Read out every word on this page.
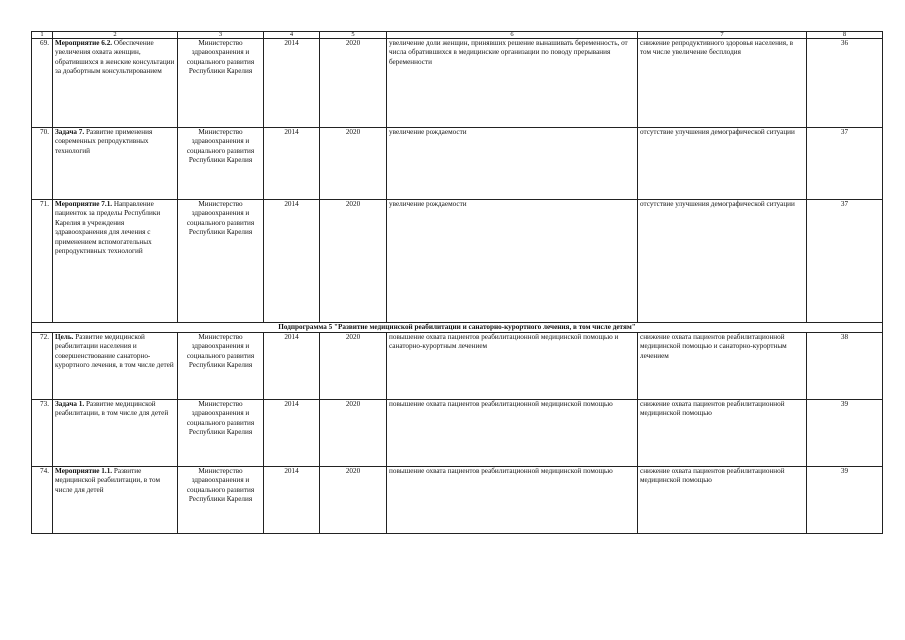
1	2	3	4	5	6	7	8
69.	Мероприятие 6.2. Обеспечение увеличения охвата женщин, обратившихся в женские консультации за доабортным консультированием	Министерство здравоохранения и социального развития Республики Карелия	2014	2020	увеличение доли женщин, принявших решение вынашивать беременность, от числа обратившихся в медицинские организации по поводу прерывания беременности	снижение репродуктивного здоровья населения, в том числе увеличение бесплодия	36
70.	Задача 7. Развитие применения современных репродуктивных технологий	Министерство здравоохранения и социального развития Республики Карелия	2014	2020	увеличение рождаемости	отсутствие улучшения демографической ситуации	37
71.	Мероприятие 7.1. Направление пациенток за пределы Республики Карелия в учреждения здравоохранения для лечения с применением вспомогательных репродуктивных технологий	Министерство здравоохранения и социального развития Республики Карелия	2014	2020	увеличение рождаемости	отсутствие улучшения демографической ситуации	37
Подпрограмма 5 "Развитие медицинской реабилитации и санаторно-курортного лечения, в том числе детям"							
72.	Цель. Развитие медицинской реабилитации населения и совершенствование санаторно-курортного лечения, в том числе детей	Министерство здравоохранения и социального развития Республики Карелия	2014	2020	повышение охвата пациентов реабилитационной медицинской помощью и санаторно-курортным лечением	снижение охвата пациентов реабилитационной медицинской помощью и санаторно-курортным лечением	38
73.	Задача 1. Развитие медицинской реабилитации, в том числе для детей	Министерство здравоохранения и социального развития Республики Карелия	2014	2020	повышение охвата пациентов реабилитационной медицинской помощью	снижение охвата пациентов реабилитационной медицинской помощью	39
74.	Мероприятие 1.1. Развитие медицинской реабилитации, в том числе для детей	Министерство здравоохранения и социального развития Республики Карелия	2014	2020	повышение охвата пациентов реабилитационной медицинской помощью	снижение охвата пациентов реабилитационной медицинской помощью	39
